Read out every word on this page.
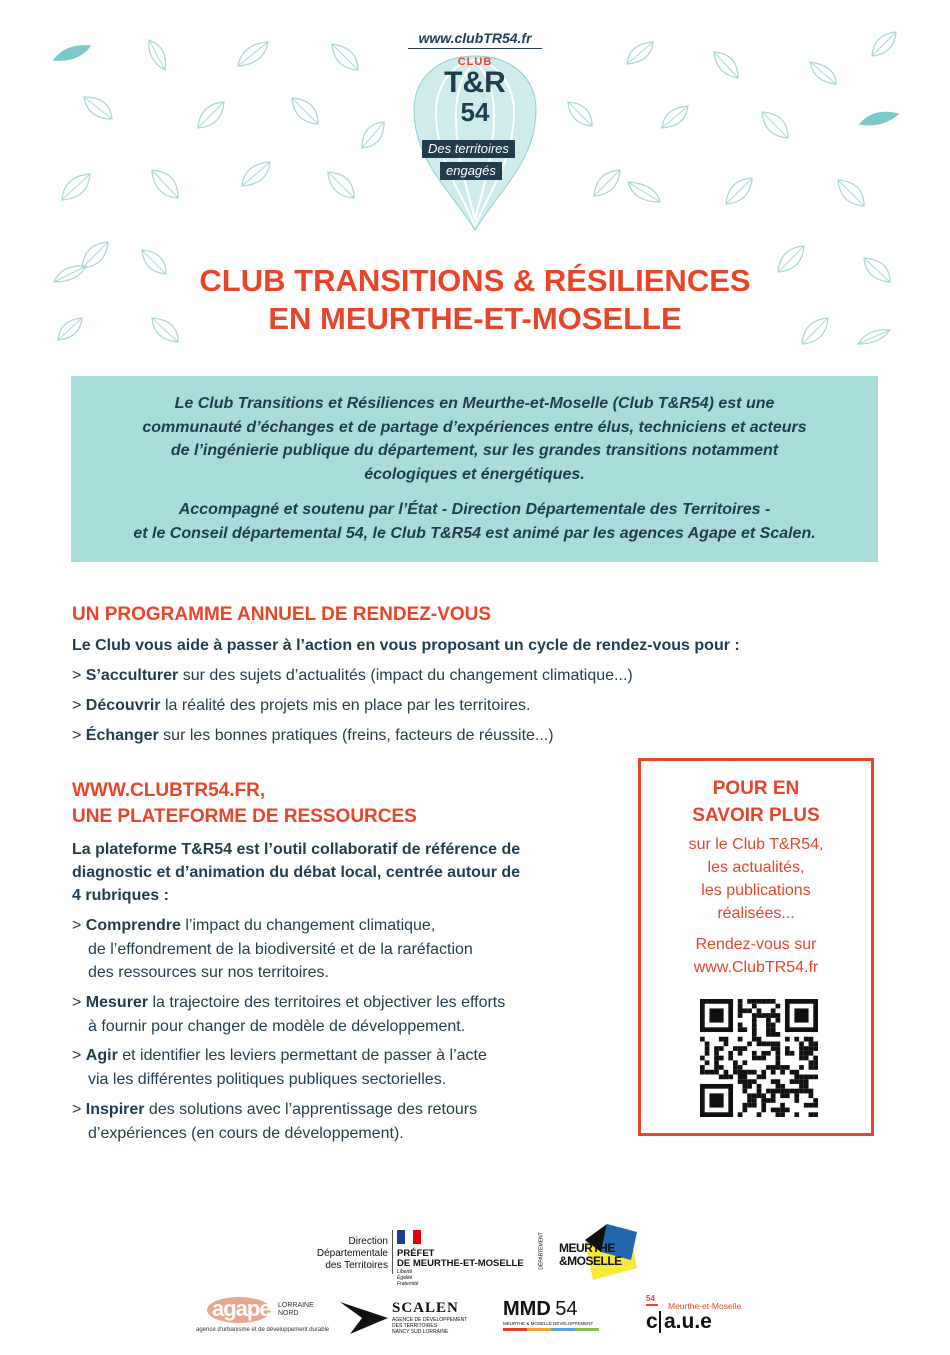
www.clubTR54.fr
CLUB
T&R
54
Des territoires
engagés
CLUB TRANSITIONS & RÉSILIENCES
EN MEURTHE-ET-MOSELLE
Le Club Transitions et Résiliences en Meurthe-et-Moselle (Club T&R54) est une
communauté d’échanges et de partage d’expériences entre élus, techniciens et acteurs
de l’ingénierie publique du département, sur les grandes transitions notamment
écologiques et énergétiques.
Accompagné et soutenu par l’État - Direction Départementale des Territoires -
et le Conseil départemental 54, le Club T&R54 est animé par les agences Agape et Scalen.
UN PROGRAMME ANNUEL DE RENDEZ-VOUS
Le Club vous aide à passer à l’action en vous proposant un cycle de rendez-vous pour :
> S’acculturer sur des sujets d’actualités (impact du changement climatique...)
> Découvrir la réalité des projets mis en place par les territoires.
> Échanger sur les bonnes pratiques (freins, facteurs de réussite...)
WWW.CLUBTR54.FR,
UNE PLATEFORME DE RESSOURCES
La plateforme T&R54 est l’outil collaboratif de référence de
diagnostic et d’animation du débat local, centrée autour de
4 rubriques :
> Comprendre l’impact du changement climatique,
de l’effondrement de la biodiversité et de la raréfaction
des ressources sur nos territoires.
> Mesurer la trajectoire des territoires et objectiver les efforts
à fournir pour changer de modèle de développement.
> Agir et identifier les leviers permettant de passer à l’acte
via les différentes politiques publiques sectorielles.
> Inspirer des solutions avec l’apprentissage des retours
d’expériences (en cours de développement).
POUR EN
SAVOIR PLUS
sur le Club T&R54,
les actualités,
les publications
réalisées...
Rendez-vous sur
www.ClubTR54.fr
Direction
Départementale
des Territoires
PRÉFET
DE MEURTHE-ET-MOSELLE
Liberté
Égalité
Fraternité
DÉPARTEMENT MEURTHE
&MOSELLE
agape LORRAINE
NORD
agence d'urbanisme et de développement durable
SCALEN
AGENCE DE DÉVELOPPEMENT
DES TERRITOIRES
NANCY SUD LORRAINE
MMD 54
MEURTHE & MOSELLE DÉVELOPPEMENT
54
Meurthe-et-Moselle
c a.u.e
